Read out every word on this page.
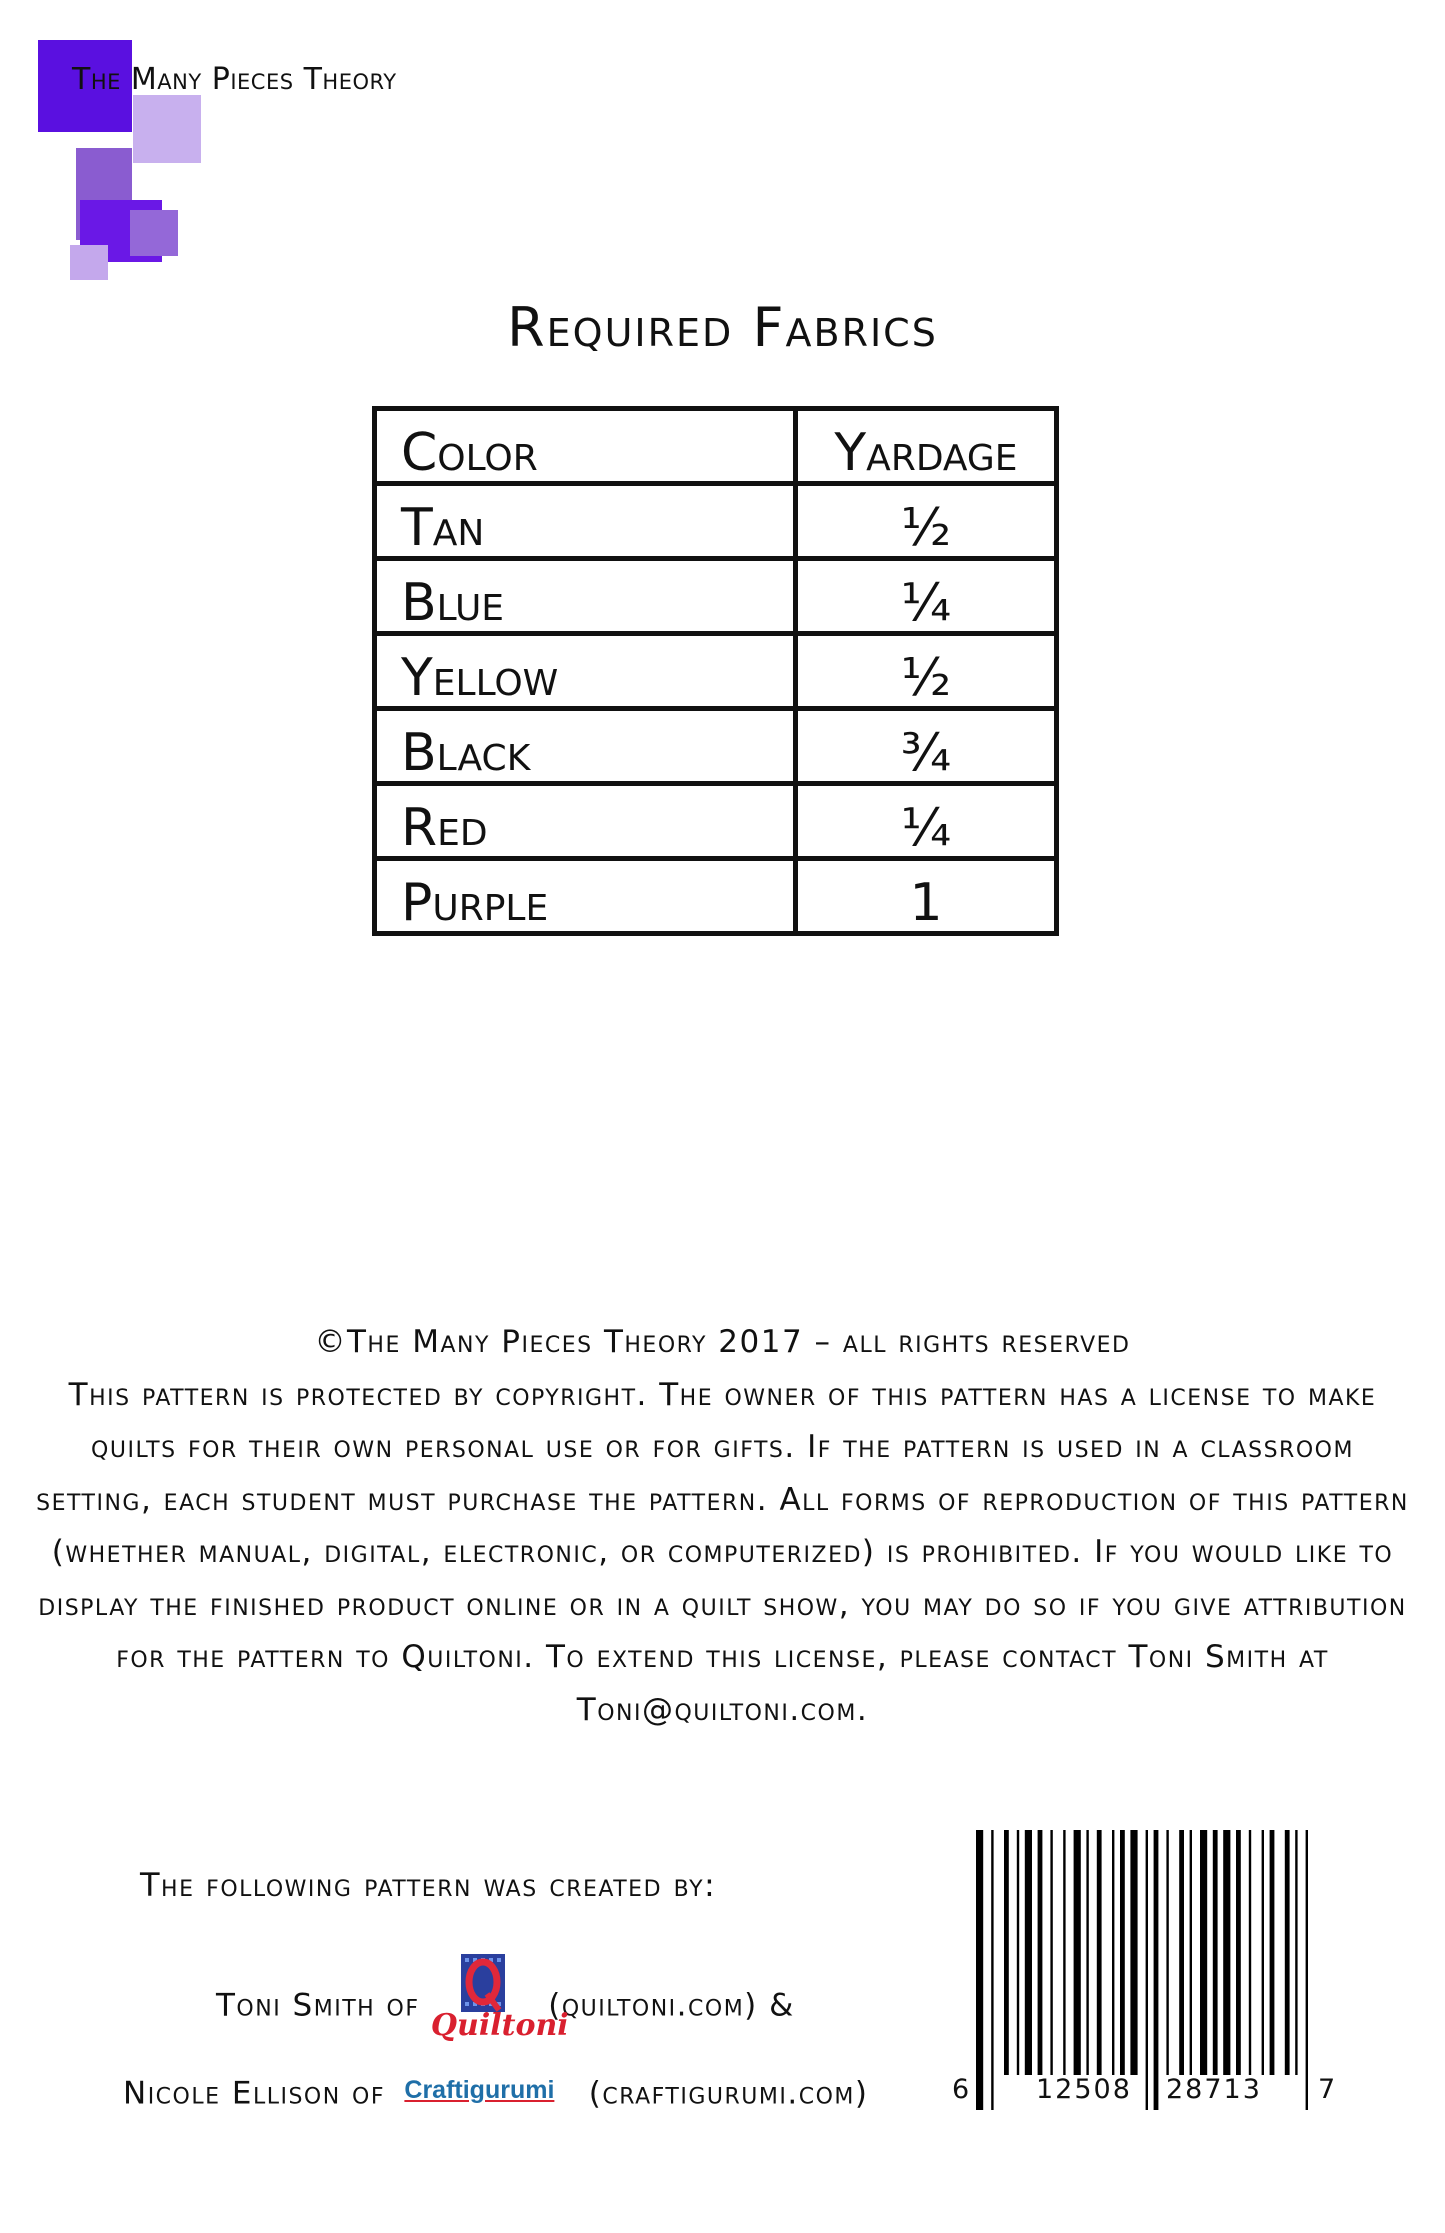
The Many Pieces Theory
Required Fabrics
Color	Yardage
Tan	½
Blue	¼
Yellow	½
Black	¾
Red	¼
Purple	1

©The Many Pieces Theory 2017 – all rights reserved

This pattern is protected by copyright. The owner of this pattern has a license to make quilts for their own personal use or for gifts. If the pattern is used in a classroom setting, each student must purchase the pattern. All forms of reproduction of this pattern (whether manual, digital, electronic, or computerized) is prohibited. If you would like to display the finished product online or in a quilt show, you may do so if you give attribution for the pattern to Quiltoni. To extend this license, please contact Toni Smith at Toni@quiltoni.com.

The following pattern was created by:
Toni Smith of
Quiltoni
(quiltoni.com) &
Nicole Ellison of Craftigurumi (craftigurumi.com)	6 12508 28713 7
